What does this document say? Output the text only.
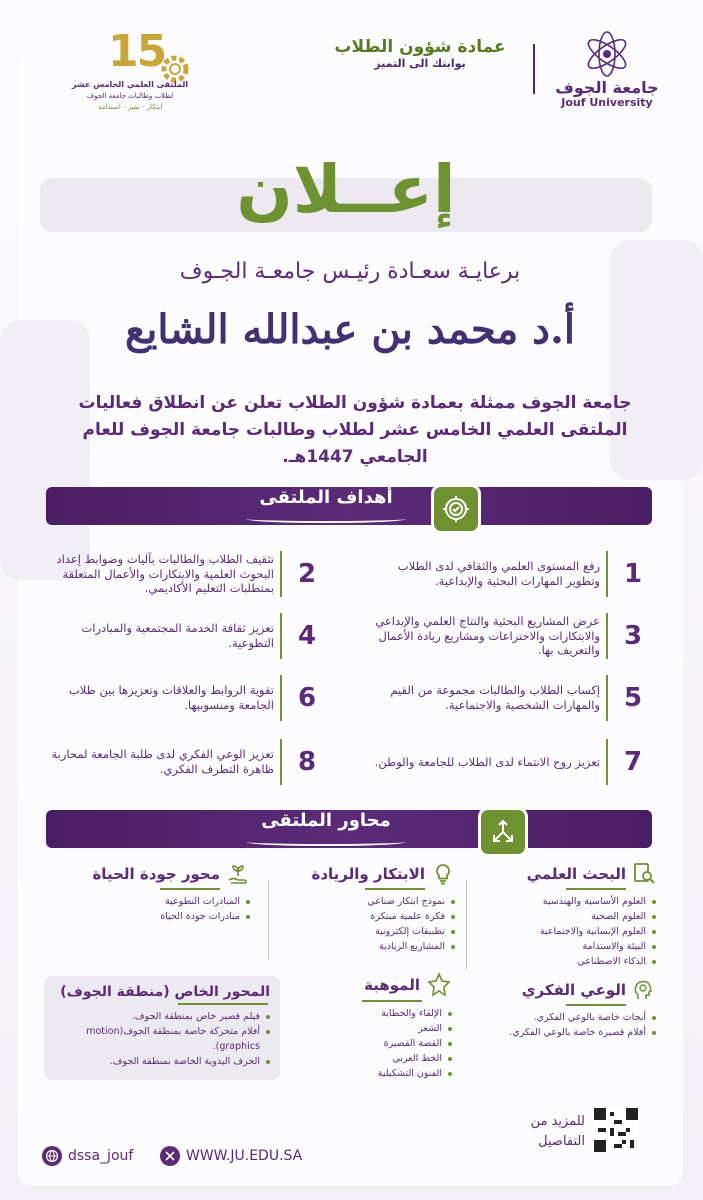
15
الملتقى العلمي الخامس عشر
لطلاب وطالبات جامعة الجوف
ابتكار - تميز - استدامة
عمادة شؤون الطلاب
بوابتك الى التميز
جامعة الجوف
Jouf University
إعــلان
برعايـة سعـادة رئيـس جامعـة الجـوف
أ.د محمد بن عبدالله الشايع
جامعة الجوف ممثلة بعمادة شؤون الطلاب تعلن عن انطلاق فعاليات الملتقى العلمي الخامس عشر لطلاب وطالبات جامعة الجوف للعام الجامعي 1447هـ.
أهداف الملتقى
1
رفع المستوى العلمي والثقافي لدى الطلاب وتطوير المهارات البحثية والإبداعية.
3
عرض المشاريع البحثية والنتاج العلمي والإبداعي والابتكارات والاختراعات ومشاريع ريادة الأعمال والتعريف بها.
5
إكساب الطلاب والطالبات مجموعة من القيم والمهارات الشخصية والاجتماعية.
7
تعزيز روح الانتماء لدى الطلاب للجامعة والوطن.
2
تثقيف الطلاب والطالبات بآليات وضوابط إعداد البحوث العلمية والابتكارات والأعمال المتعلقة بمتطلبات التعليم الأكاديمي.
4
تعزيز ثقافة الخدمة المجتمعية والمبادرات التطوعية.
6
تقوية الروابط والعلاقات وتعزيزها بين طلاب الجامعة ومنسوبيها.
8
تعزيز الوعي الفكري لدى طلبة الجامعة لمحاربة ظاهرة التطرف الفكري.
محاور الملتقى
البحث العلمي
العلوم الأساسية والهندسية
العلوم الصحية
العلوم الإنسانية والاجتماعية
البيئة والاستدامة
الذكاء الاصطناعي
الابتكار والريادة
نموذج ابتكار صناعي
فكرة علمية مبتكرة
تطبيقات إلكترونية
المشاريع الريادية
محور جودة الحياة
المبادرات التطوعية
مبادرات جودة الحياة
الوعي الفكري
أبحاث خاصة بالوعي الفكري.
أفلام قصيرة خاصة بالوعي الفكري.
الموهبة
الإلقاء والخطابة
الشعر
القصة القصيرة
الخط العربي
الفنون التشكيلية
المحور الخاص (منطقة الجوف)
فيلم قصير خاص بمنطقة الجوف.
أفلام متحركة خاصة بمنطقة الجوف(motion graphics).
الحرف اليدوية الخاصة بمنطقة الجوف.
للمزيد من التفاصيل
WWW.JU.EDU.SA
dssa_jouf
